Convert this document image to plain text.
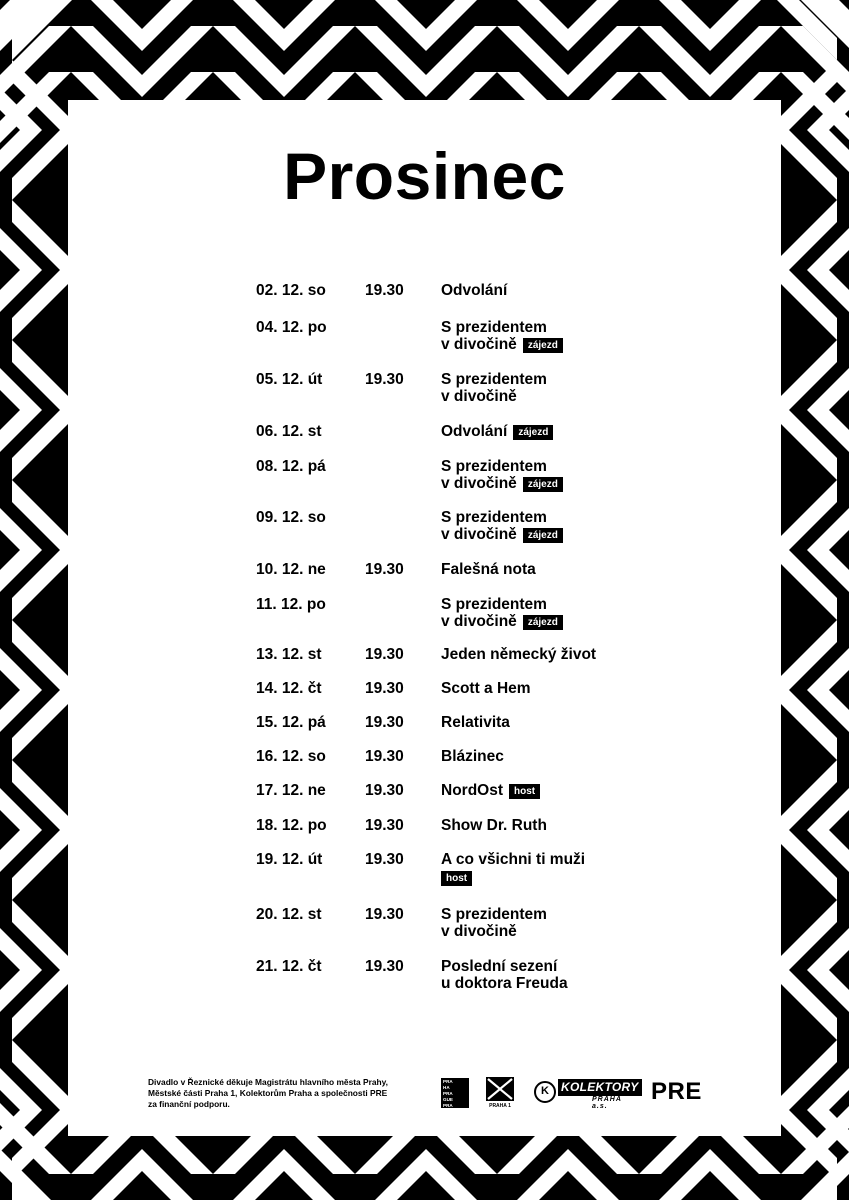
Prosinec
02. 12. so	19.30 Odvolání
04. 12. po	S prezidentem
v divočině zájezd
05. 12. út	19.30 S prezidentem
v divočině
06. 12. st	Odvolání zájezd
08. 12. pá	S prezidentem
v divočině zájezd
09. 12. so	S prezidentem
v divočině zájezd
10. 12. ne	19.30 Falešná nota
11. 12. po	S prezidentem
v divočině zájezd
13. 12. st	19.30 Jeden německý život
14. 12. čt	19.30 Scott a Hem
15. 12. pá	19.30 Relativita
16. 12. so	19.30 Blázinec
17. 12. ne	19.30 NordOst host
18. 12. po 19.30 Show Dr. Ruth
19. 12. út	19.30 A co všichni ti muži
host
20. 12. st	19.30 S prezidentem
v divočině
21. 12. čt	19.30 Poslední sezení
u doktora Freuda
Divadlo v Řeznické děkuje Magistrátu hlavního města Prahy,
Městské části Praha 1, Kolektorům Praha a společnosti PRE
za finanční podporu.
PRA
HA
PRA
GUE
PRA
GA
PRAHA 1
K	KOLEKTORY
PRAHA a.s.
PRE
